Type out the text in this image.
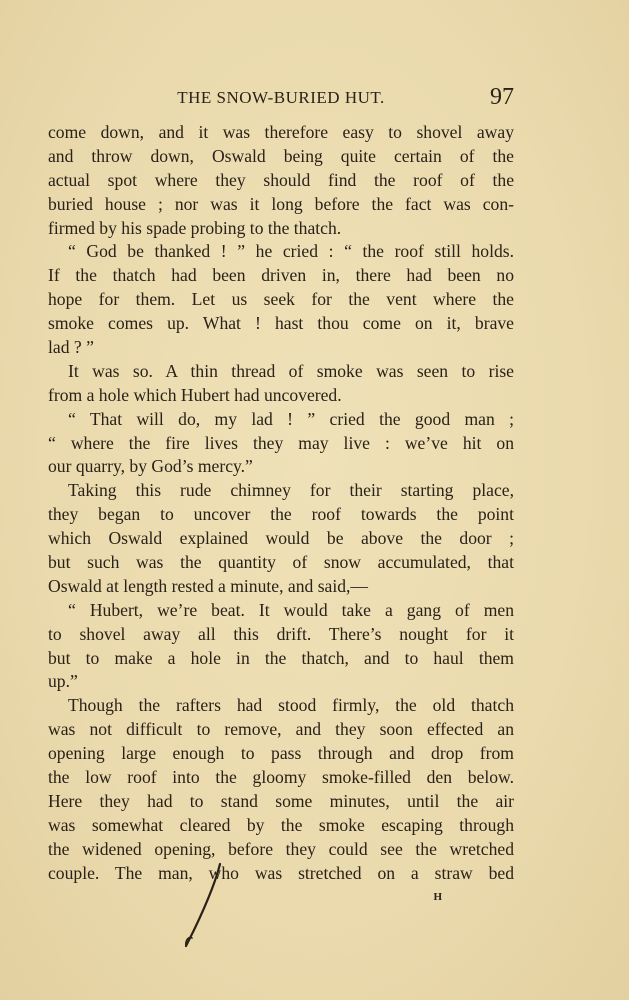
THE SNOW-BURIED HUT.	97
come down, and it was therefore easy to shovel away
and throw down, Oswald being quite certain of the
actual spot where they should find the roof of the
buried house ; nor was it long before the fact was con-
firmed by his spade probing to the thatch.
“ God be thanked ! ” he cried : “ the roof still holds.
If the thatch had been driven in, there had been no
hope for them. Let us seek for the vent where the
smoke comes up. What ! hast thou come on it, brave
lad ? ”
It was so. A thin thread of smoke was seen to rise
from a hole which Hubert had uncovered.
“ That will do, my lad ! ” cried the good man ;
“ where the fire lives they may live : we’ve hit on
our quarry, by God’s mercy.”
Taking this rude chimney for their starting place,
they began to uncover the roof towards the point
which Oswald explained would be above the door ;
but such was the quantity of snow accumulated, that
Oswald at length rested a minute, and said,—
“ Hubert, we’re beat. It would take a gang of men
to shovel away all this drift. There’s nought for it
but to make a hole in the thatch, and to haul them
up.”
Though the rafters had stood firmly, the old thatch
was not difficult to remove, and they soon effected an
opening large enough to pass through and drop from
the low roof into the gloomy smoke-filled den below.
Here they had to stand some minutes, until the air
was somewhat cleared by the smoke escaping through
the widened opening, before they could see the wretched
couple. The man, who was stretched on a straw bed
H
